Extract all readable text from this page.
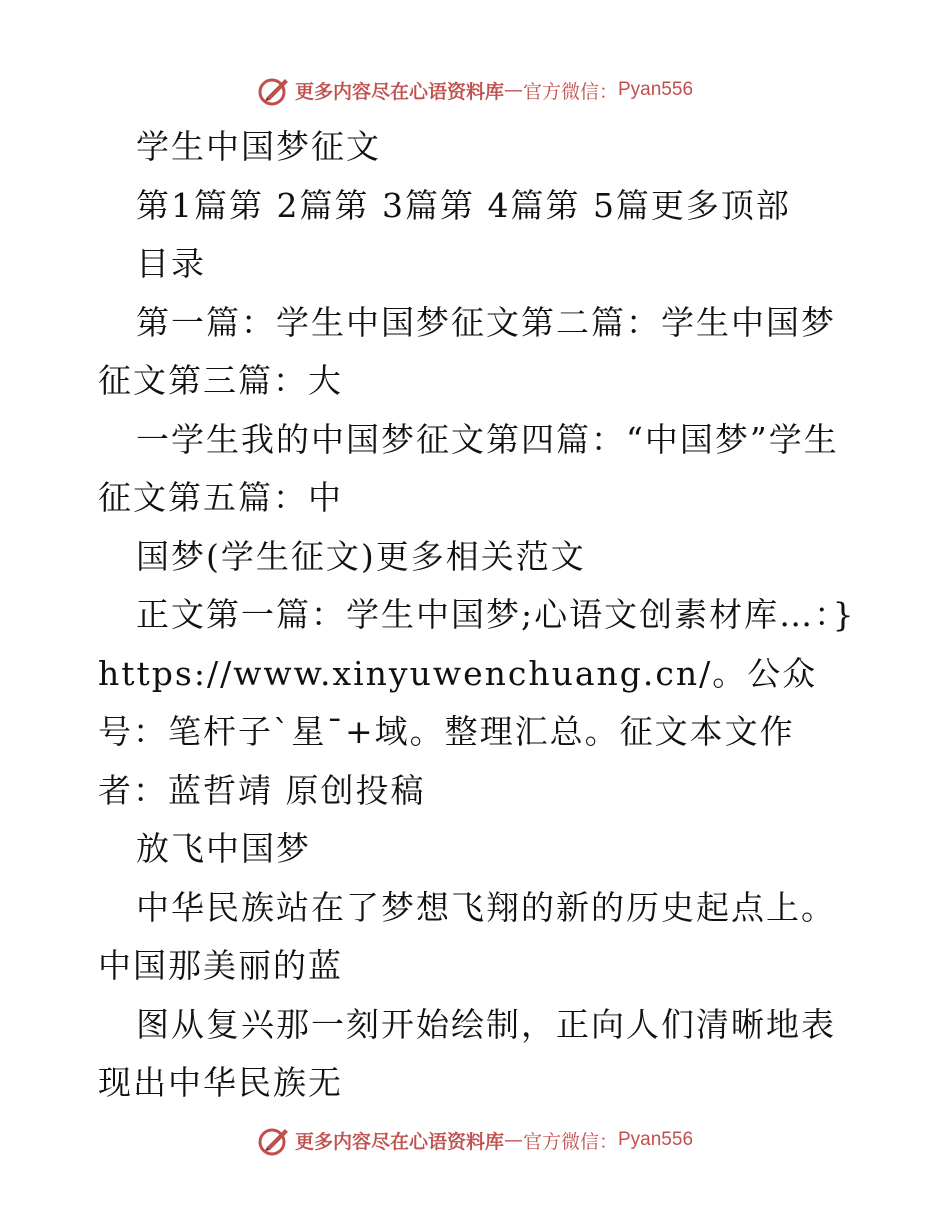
更多内容尽在心语资料库 — 官方微信： Pyan556

学生中国梦征文

第1篇第 2篇第 3篇第 4篇第 5篇更多顶部

目录

第一篇：学生中国梦征文第二篇：学生中国梦征文第三篇：大

一学生我的中国梦征文第四篇：“中国梦”学生征文第五篇：中

国梦(学生征文)更多相关范文

正文第一篇：学生中国梦;心语文创素材库…：} https://www.xinyuwenchuang.cn/。公众号：笔杆子`星¯+域。整理汇总。征文本文作者：蓝哲靖 原创投稿

放飞中国梦

中华民族站在了梦想飞翔的新的历史起点上。中国那美丽的蓝

图从复兴那一刻开始绘制，正向人们清晰地表现出中华民族无

更多内容尽在心语资料库 — 官方微信： Pyan556
